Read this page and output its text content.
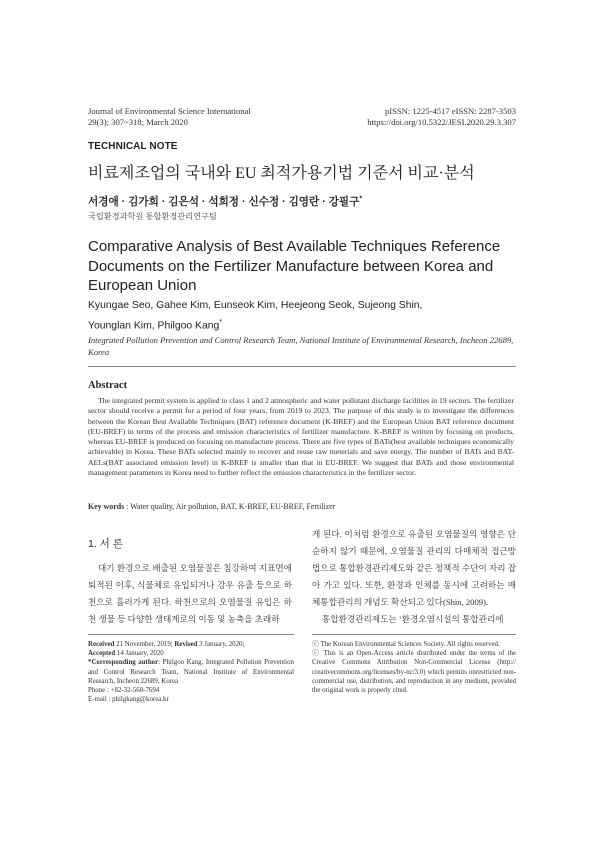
Journal of Environmental Science International
29(3); 307~318; March 2020
pISSN: 1225-4517 eISSN: 2287-3503
https://doi.org/10.5322/JESI.2020.29.3.307
TECHNICAL NOTE
비료제조업의 국내와 EU 최적가용기법 기준서 비교·분석
서경애 · 김가희 · 김은석 · 석희정 · 신수정 · 김영란 · 강필구*
국립환경과학원 통합환경관리연구팀
Comparative Analysis of Best Available Techniques Reference Documents on the Fertilizer Manufacture between Korea and European Union
Kyungae Seo, Gahee Kim, Eunseok Kim, Heejeong Seok, Sujeong Shin,
Younglan Kim, Philgoo Kang*
Integrated Pollution Prevention and Control Research Team, National Institute of Environmental Research, Incheon 22689, Korea
Abstract
The integrated permit system is applied to class 1 and 2 atmospheric and water pollutant discharge facilities in 19 sectors. The fertilizer sector should receive a permit for a period of four years, from 2019 to 2023. The purpose of this study is to investigate the differences between the Korean Best Available Techniques (BAT) reference document (K-BREF) and the European Union BAT reference document (EU-BREF) in terms of the process and emission characteristics of fertilizer manufacture. K-BREF is written by focusing on products, whereas EU-BREF is produced on focusing on manufacture process. There are five types of BATs(best available techniques economically achievable) in Korea. These BATs selected mainly to recover and reuse raw meterials and save energy. The number of BATs and BAT-AELs(BAT associated emission level) in K-BREF is smaller than that in EU-BREF. We suggest that BATs and those environmental management parameters in Korea need to further reflect the emission characteristics in the fertilizer sector.
Key words : Water quality, Air pollution, BAT, K-BREF, EU-BREF, Fertilizer
1. 서 론
대기 환경으로 배출된 오염물질은 침강하여 지표면에 퇴적된 이후, 식물체로 유입되거나 강우 유출 등으로 하천으로 흘러가게 된다. 하천으로의 오염물질 유입은 하천 생물 등 다양한 생태계로의 이동 및 농축을 초래하

게 된다. 이처럼 환경으로 유출된 오염물질의 영향은 단순하지 않기 때문에, 오염물질 관리의 다매체적 접근방법으로 통합환경관리제도와 같은 정책적 수단이 자리 잡아 가고 있다. 또한, 환경과 인체를 동시에 고려하는 매체통합관리의 개념도 확산되고 있다(Shin, 2009).

통합환경관리제도는 ‘환경오염시설의 통합관리에

Received 21 November, 2019; Revised 3 January, 2020;
Accepted 14 January, 2020
*Corresponding author: Philgoo Kang, Integrated Pollution Prevention and Control Research Team, National Institute of Environmental Research, Incheon 22689, Korea
Phone : +82-32-560-7694
E-mail : philgkang@korea.kr
ⓒ The Korean Environmental Sciences Society. All rights reserved.
ⓒ This is an Open-Access article distributed under the terms of the Creative Commons Attribution Non-Commercial License (http:// creativecommons.org/licenses/by-nc/3.0) which permits unrestricted non-commercial use, distribution, and reproduction in any medium, provided the original work is properly cited.
